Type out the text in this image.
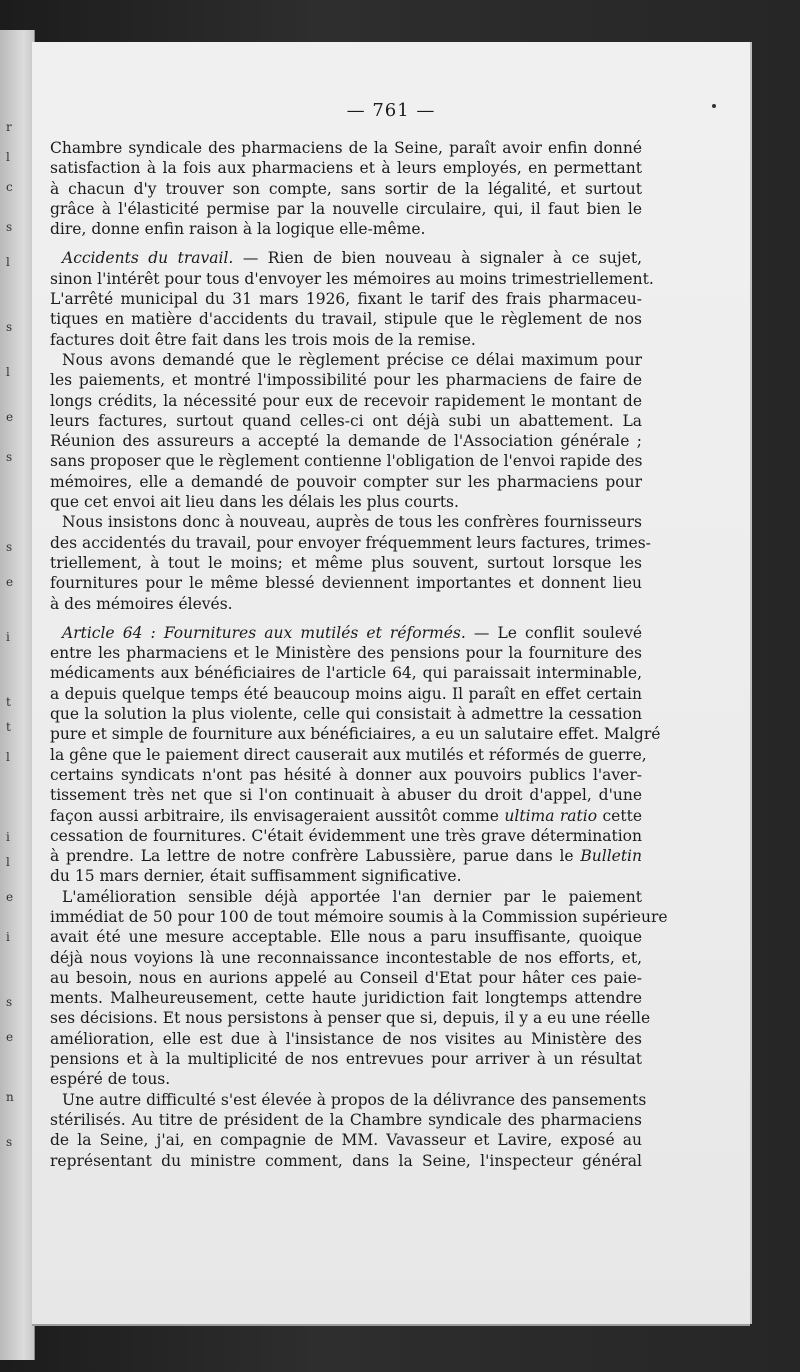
r
l
c
s
l
s
l
e
s
s
e
i
t
t
l
i
l
e
i
s
e
n
s
— 761 —
Chambre syndicale des pharmaciens de la Seine, paraît avoir enfin donné
satisfaction à la fois aux pharmaciens et à leurs employés, en permettant
à chacun d'y trouver son compte, sans sortir de la légalité, et surtout
grâce à l'élasticité permise par la nouvelle circulaire, qui, il faut bien le
dire, donne enfin raison à la logique elle-même.
Accidents du travail. — Rien de bien nouveau à signaler à ce sujet,
sinon l'intérêt pour tous d'envoyer les mémoires au moins trimestriellement.
L'arrêté municipal du 31 mars 1926, fixant le tarif des frais pharmaceu-
tiques en matière d'accidents du travail, stipule que le règlement de nos
factures doit être fait dans les trois mois de la remise.
Nous avons demandé que le règlement précise ce délai maximum pour
les paiements, et montré l'impossibilité pour les pharmaciens de faire de
longs crédits, la nécessité pour eux de recevoir rapidement le montant de
leurs factures, surtout quand celles-ci ont déjà subi un abattement. La
Réunion des assureurs a accepté la demande de l'Association générale ;
sans proposer que le règlement contienne l'obligation de l'envoi rapide des
mémoires, elle a demandé de pouvoir compter sur les pharmaciens pour
que cet envoi ait lieu dans les délais les plus courts.
Nous insistons donc à nouveau, auprès de tous les confrères fournisseurs
des accidentés du travail, pour envoyer fréquemment leurs factures, trimes-
triellement, à tout le moins; et même plus souvent, surtout lorsque les
fournitures pour le même blessé deviennent importantes et donnent lieu
à des mémoires élevés.
Article 64 : Fournitures aux mutilés et réformés. — Le conflit soulevé
entre les pharmaciens et le Ministère des pensions pour la fourniture des
médicaments aux bénéficiaires de l'article 64, qui paraissait interminable,
a depuis quelque temps été beaucoup moins aigu. Il paraît en effet certain
que la solution la plus violente, celle qui consistait à admettre la cessation
pure et simple de fourniture aux bénéficiaires, a eu un salutaire effet. Malgré
la gêne que le paiement direct causerait aux mutilés et réformés de guerre,
certains syndicats n'ont pas hésité à donner aux pouvoirs publics l'aver-
tissement très net que si l'on continuait à abuser du droit d'appel, d'une
façon aussi arbitraire, ils envisageraient aussitôt comme ultima ratio cette
cessation de fournitures. C'était évidemment une très grave détermination
à prendre. La lettre de notre confrère Labussière, parue dans le Bulletin
du 15 mars dernier, était suffisamment significative.
L'amélioration sensible déjà apportée l'an dernier par le paiement
immédiat de 50 pour 100 de tout mémoire soumis à la Commission supérieure
avait été une mesure acceptable. Elle nous a paru insuffisante, quoique
déjà nous voyions là une reconnaissance incontestable de nos efforts, et,
au besoin, nous en aurions appelé au Conseil d'Etat pour hâter ces paie-
ments. Malheureusement, cette haute juridiction fait longtemps attendre
ses décisions. Et nous persistons à penser que si, depuis, il y a eu une réelle
amélioration, elle est due à l'insistance de nos visites au Ministère des
pensions et à la multiplicité de nos entrevues pour arriver à un résultat
espéré de tous.
Une autre difficulté s'est élevée à propos de la délivrance des pansements
stérilisés. Au titre de président de la Chambre syndicale des pharmaciens
de la Seine, j'ai, en compagnie de MM. Vavasseur et Lavire, exposé au
représentant du ministre comment, dans la Seine, l'inspecteur général
